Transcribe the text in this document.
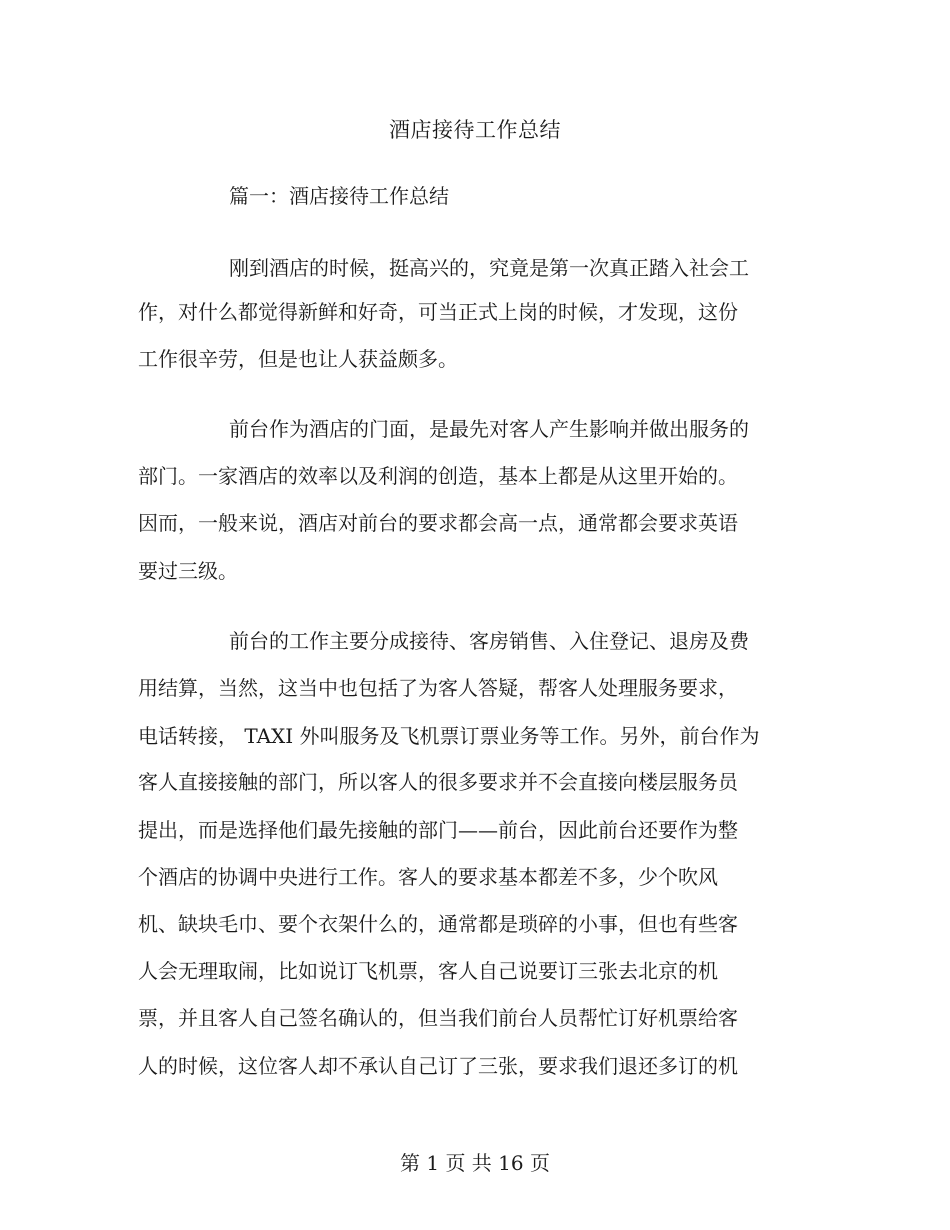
酒店接待工作总结
篇一：酒店接待工作总结
刚到酒店的时候，挺高兴的，究竟是第一次真正踏入社会工
作，对什么都觉得新鲜和好奇，可当正式上岗的时候，才发现，这份
工作很辛劳，但是也让人获益颇多。
前台作为酒店的门面，是最先对客人产生影响并做出服务的
部门。一家酒店的效率以及利润的创造，基本上都是从这里开始的。
因而，一般来说，酒店对前台的要求都会高一点，通常都会要求英语
要过三级。
前台的工作主要分成接待、客房销售、入住登记、退房及费
用结算，当然，这当中也包括了为客人答疑，帮客人处理服务要求，
电话转接， TAXI 外叫服务及飞机票订票业务等工作。另外，前台作为
客人直接接触的部门，所以客人的很多要求并不会直接向楼层服务员
提出，而是选择他们最先接触的部门——前台，因此前台还要作为整
个酒店的协调中央进行工作。客人的要求基本都差不多，少个吹风
机、缺块毛巾、要个衣架什么的，通常都是琐碎的小事，但也有些客
人会无理取闹，比如说订飞机票，客人自己说要订三张去北京的机
票，并且客人自己签名确认的，但当我们前台人员帮忙订好机票给客
人的时候，这位客人却不承认自己订了三张，要求我们退还多订的机
第 1 页 共 16 页
